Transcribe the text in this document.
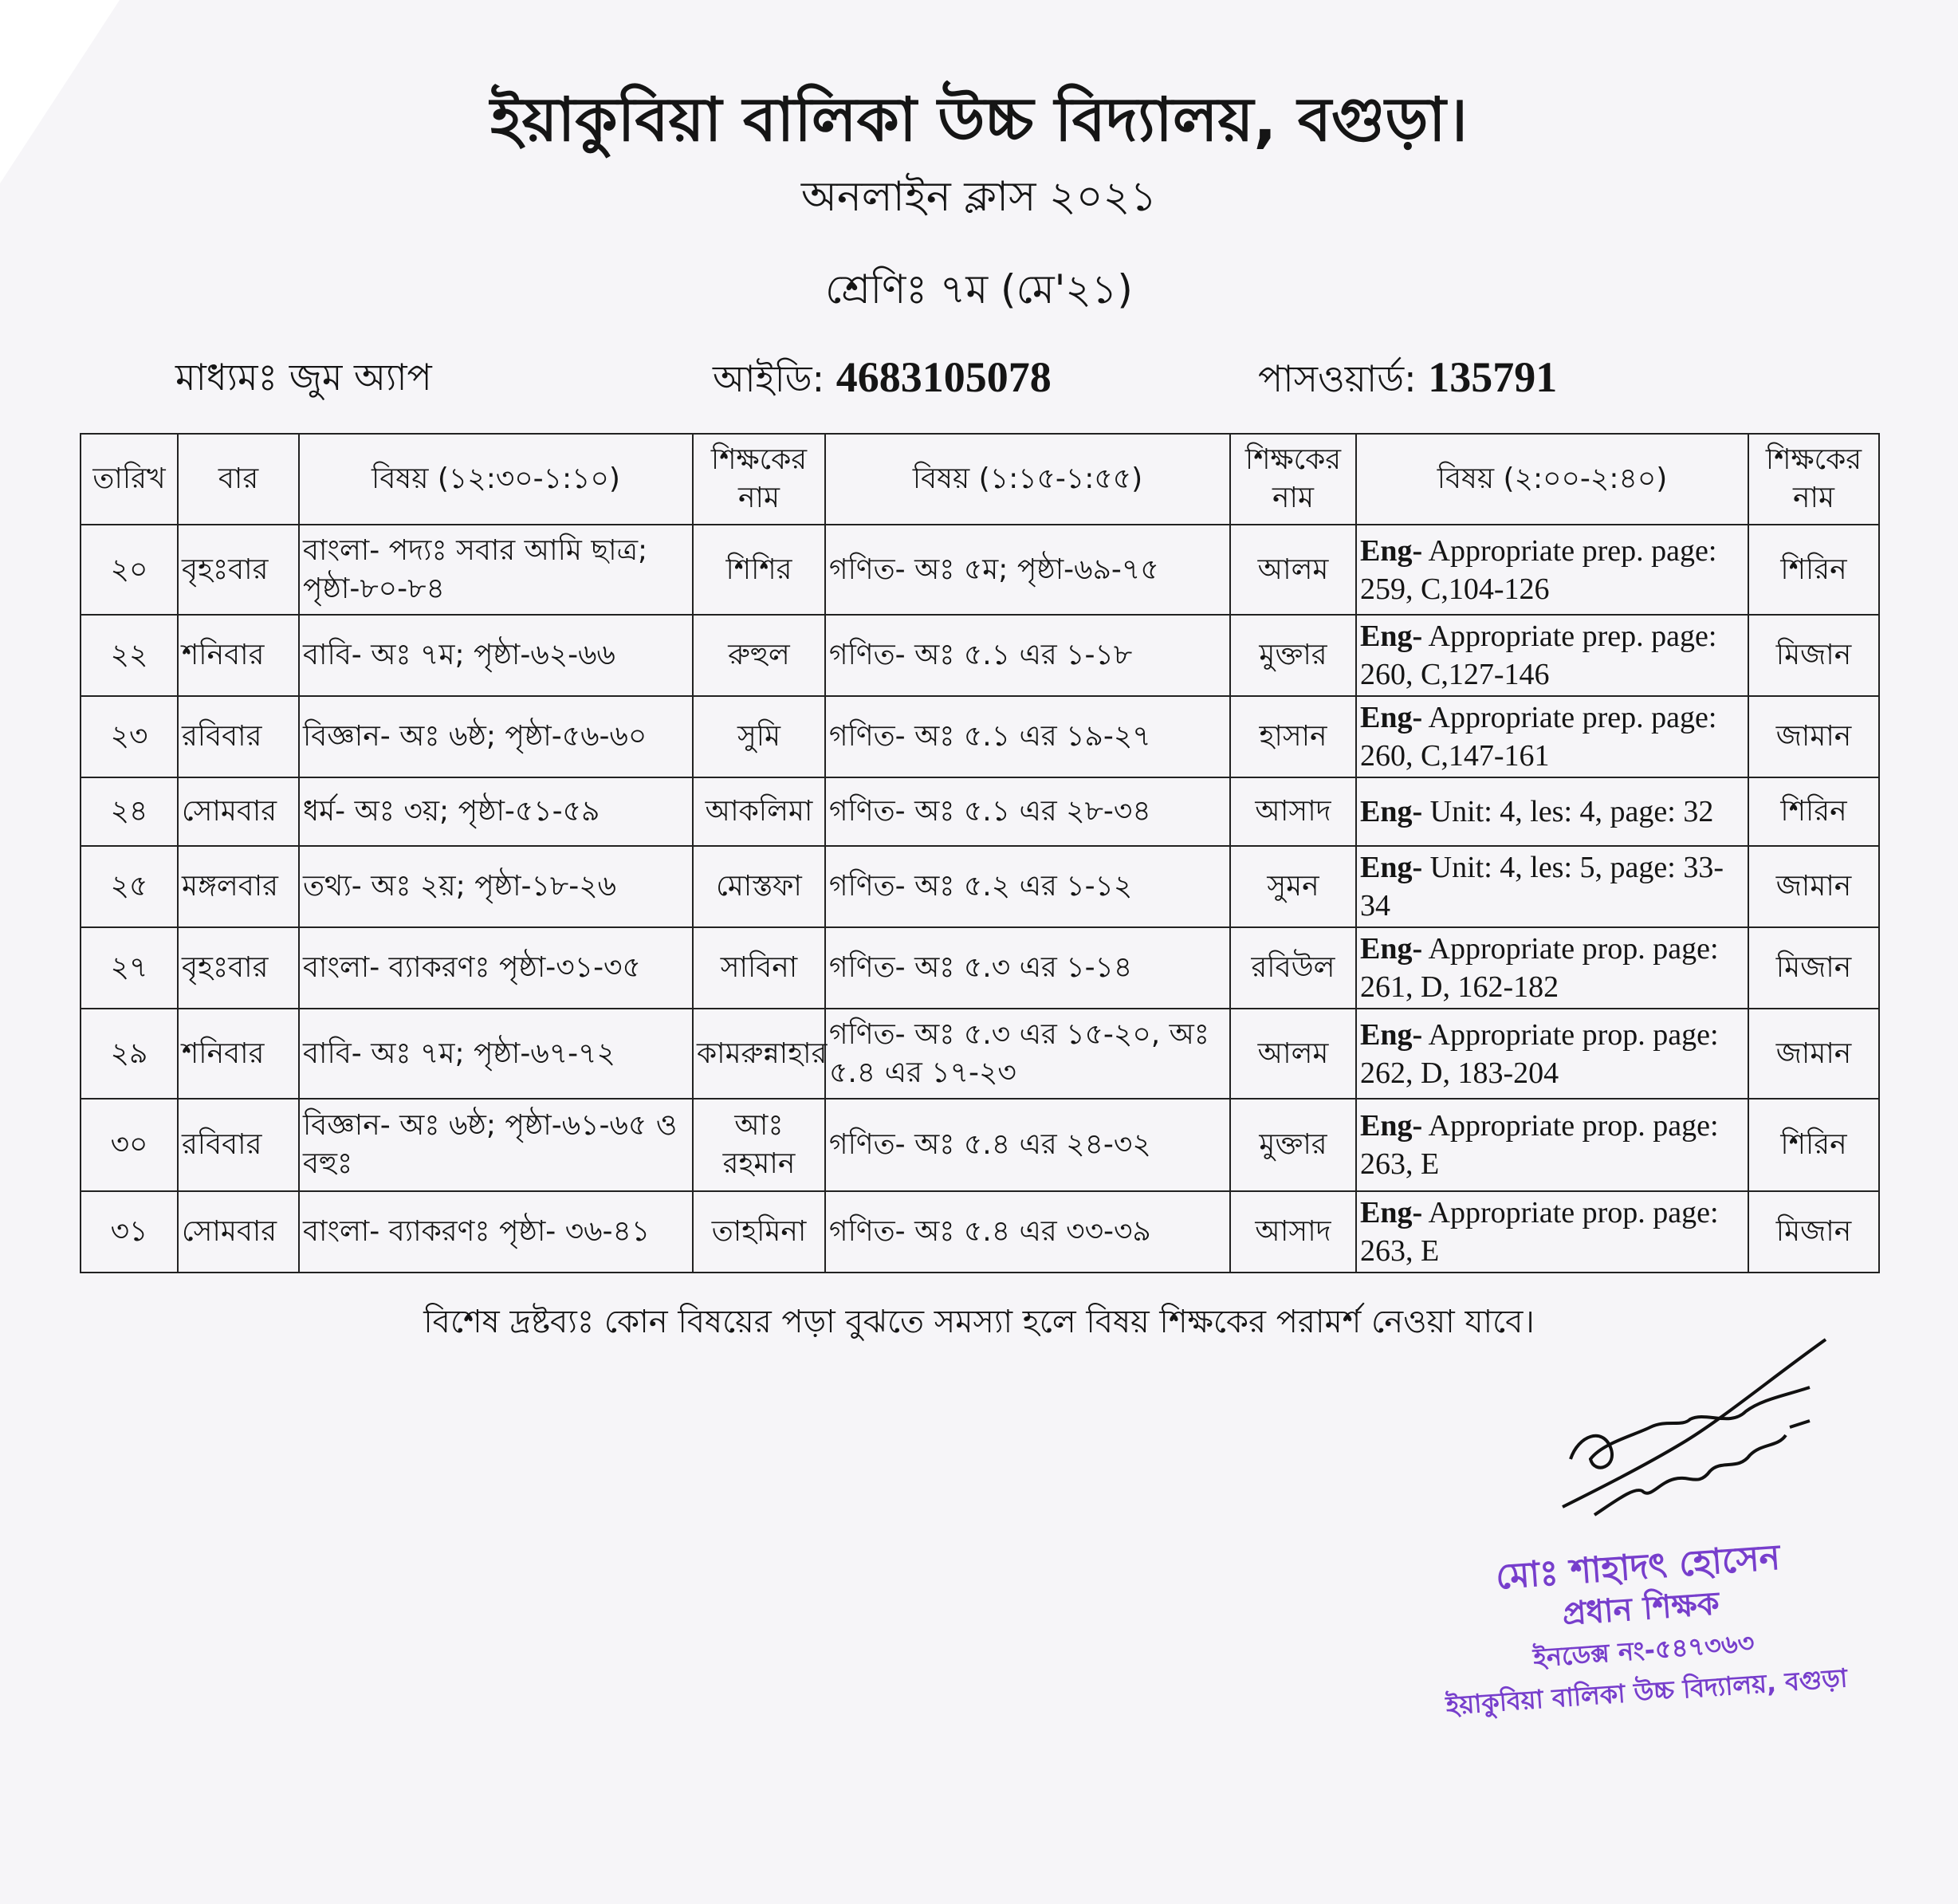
ইয়াকুবিয়া বালিকা উচ্চ বিদ্যালয়, বগুড়া।
অনলাইন ক্লাস ২০২১
শ্রেণিঃ ৭ম (মে'২১)
মাধ্যমঃ জুম অ্যাপ	আইডি: 4683105078	পাসওয়ার্ড: 135791
তারিখ	বার	বিষয় (১২:৩০-১:১০)	শিক্ষকের নাম	বিষয় (১:১৫-১:৫৫)	শিক্ষকের নাম	বিষয় (২:০০-২:৪০)	শিক্ষকের নাম
২০	বৃহঃবার	বাংলা- পদ্যঃ সবার আমি ছাত্র; পৃষ্ঠা-৮০-৮৪	শিশির	গণিত- অঃ ৫ম; পৃষ্ঠা-৬৯-৭৫	আলম	Eng- Appropriate prep. page: 259, C,104-126	শিরিন
২২	শনিবার	বাবি- অঃ ৭ম; পৃষ্ঠা-৬২-৬৬	রুহুল	গণিত- অঃ ৫.১ এর ১-১৮	মুক্তার	Eng- Appropriate prep. page: 260, C,127-146	মিজান
২৩	রবিবার	বিজ্ঞান- অঃ ৬ষ্ঠ; পৃষ্ঠা-৫৬-৬০	সুমি	গণিত- অঃ ৫.১ এর ১৯-২৭	হাসান	Eng- Appropriate prep. page: 260, C,147-161	জামান
২৪	সোমবার	ধর্ম- অঃ ৩য়; পৃষ্ঠা-৫১-৫৯	আকলিমা	গণিত- অঃ ৫.১ এর ২৮-৩৪	আসাদ	Eng- Unit: 4, les: 4, page: 32	শিরিন
২৫	মঙ্গলবার	তথ্য- অঃ ২য়; পৃষ্ঠা-১৮-২৬	মোস্তফা	গণিত- অঃ ৫.২ এর ১-১২	সুমন	Eng- Unit: 4, les: 5, page: 33-34	জামান
২৭	বৃহঃবার	বাংলা- ব্যাকরণঃ পৃষ্ঠা-৩১-৩৫	সাবিনা	গণিত- অঃ ৫.৩ এর ১-১৪	রবিউল	Eng- Appropriate prop. page: 261, D, 162-182	মিজান
২৯	শনিবার	বাবি- অঃ ৭ম; পৃষ্ঠা-৬৭-৭২	কামরুন্নাহার	গণিত- অঃ ৫.৩ এর ১৫-২০, অঃ ৫.৪ এর ১৭-২৩	আলম	Eng- Appropriate prop. page: 262, D, 183-204	জামান
৩০	রবিবার	বিজ্ঞান- অঃ ৬ষ্ঠ; পৃষ্ঠা-৬১-৬৫ ও বহুঃ	আঃ রহমান	গণিত- অঃ ৫.৪ এর ২৪-৩২	মুক্তার	Eng- Appropriate prop. page: 263, E	শিরিন
৩১	সোমবার	বাংলা- ব্যাকরণঃ পৃষ্ঠা- ৩৬-৪১	তাহমিনা	গণিত- অঃ ৫.৪ এর ৩৩-৩৯	আসাদ	Eng- Appropriate prop. page: 263, E	মিজান
বিশেষ দ্রষ্টব্যঃ কোন বিষয়ের পড়া বুঝতে সমস্যা হলে বিষয় শিক্ষকের পরামর্শ নেওয়া যাবে।
মোঃ শাহাদৎ হোসেন
প্রধান শিক্ষক
ইনডেক্স নং-৫৪৭৩৬৩
ইয়াকুবিয়া বালিকা উচ্চ বিদ্যালয়, বগুড়া
